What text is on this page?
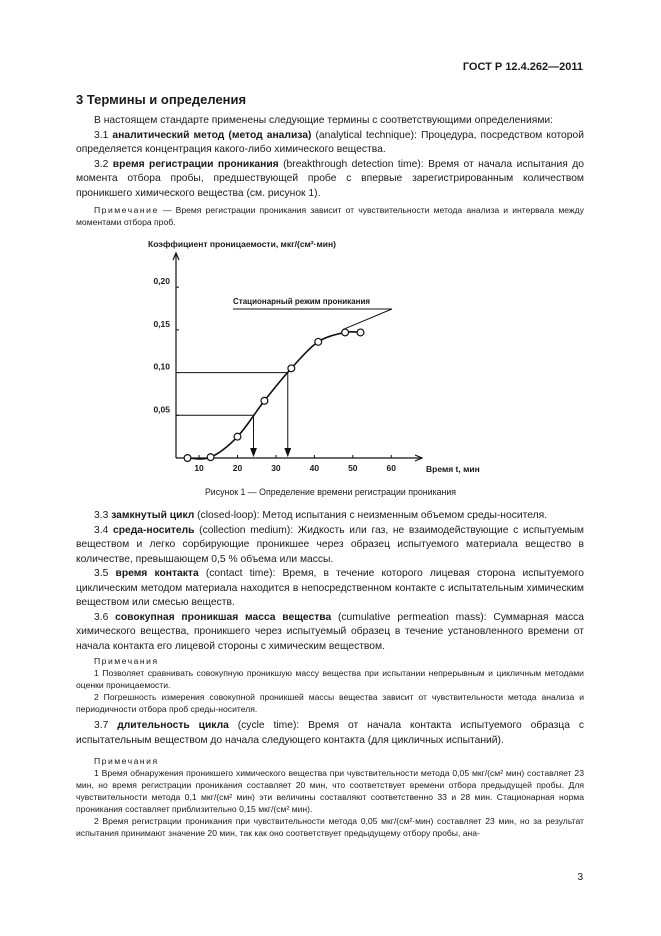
ГОСТ Р 12.4.262—2011
3 Термины и определения

В настоящем стандарте применены следующие термины с соответствующими определениями:

3.1 аналитический метод (метод анализа) (analytical technique): Процедура, посредством которой определяется концентрация какого-либо химического вещества.

3.2 время регистрации проникания (breakthrough detection time): Время от начала испытания до момента отбора пробы, предшествующей пробе с впервые зарегистрированным количеством проникшего химического вещества (см. рисунок 1).

Примечание — Время регистрации проникания зависит от чувствительности метода анализа и интервала между моментами отбора проб.

Коэффициент проницаемости, мкг/(см²·мин)
Время t, мин
Стационарный режим проникания
10	20	30	40	50	60
0,05
0,10
0,15
0,20
Рисунок 1 — Определение времени регистрации проникания

3.3 замкнутый цикл (closed-loop): Метод испытания с неизменным объемом среды-носителя.

3.4 среда-носитель (collection medium): Жидкость или газ, не взаимодействующие с испытуемым веществом и легко сорбирующие проникшее через образец испытуемого материала вещество в количестве, превышающем 0,5 % объема или массы.

3.5 время контакта (contact time): Время, в течение которого лицевая сторона испытуемого цикличеcким методом материала находится в непосредственном контакте с испытательным химическим веществом или смесью веществ.

3.6 совокупная проникшая масса вещества (cumulative permeation mass): Суммарная масса химического вещества, проникшего через испытуемый образец в течение установленного времени от начала контакта его лицевой стороны с химическим веществом.

Примечания

1 Позволяет сравнивать совокупную проникшую массу вещества при испытании непрерывным и цикличным методами оценки проницаемости.

2 Погрешность измерения совокупной проникшей массы вещества зависит от чувствительности метода анализа и периодичности отбора проб среды-носителя.

3.7 длительность цикла (cycle time): Время от начала контакта испытуемого образца с испытательным веществом до начала следующего контакта (для цикличных испытаний).

Примечания

1 Время обнаружения проникшего химического вещества при чувствительности метода 0,05 мкг/(см² мин) составляет 23 мин, но время регистрации проникания составляет 20 мин, что соответствует времени отбора предыдущей пробы. Для чувствительности метода 0,1 мкг/(см² мин) эти величины составляют соответственно 33 и 28 мин. Стационарная норма проникания составляет приблизительно 0,15 мкг/(см² мин).

2 Время регистрации проникания при чувствительности метода 0,05 мкг/(см²·мин) составляет 23 мин, но за результат испытания принимают значение 20 мин, так как оно соответствует предыдущему отбору пробы, ана-

3
